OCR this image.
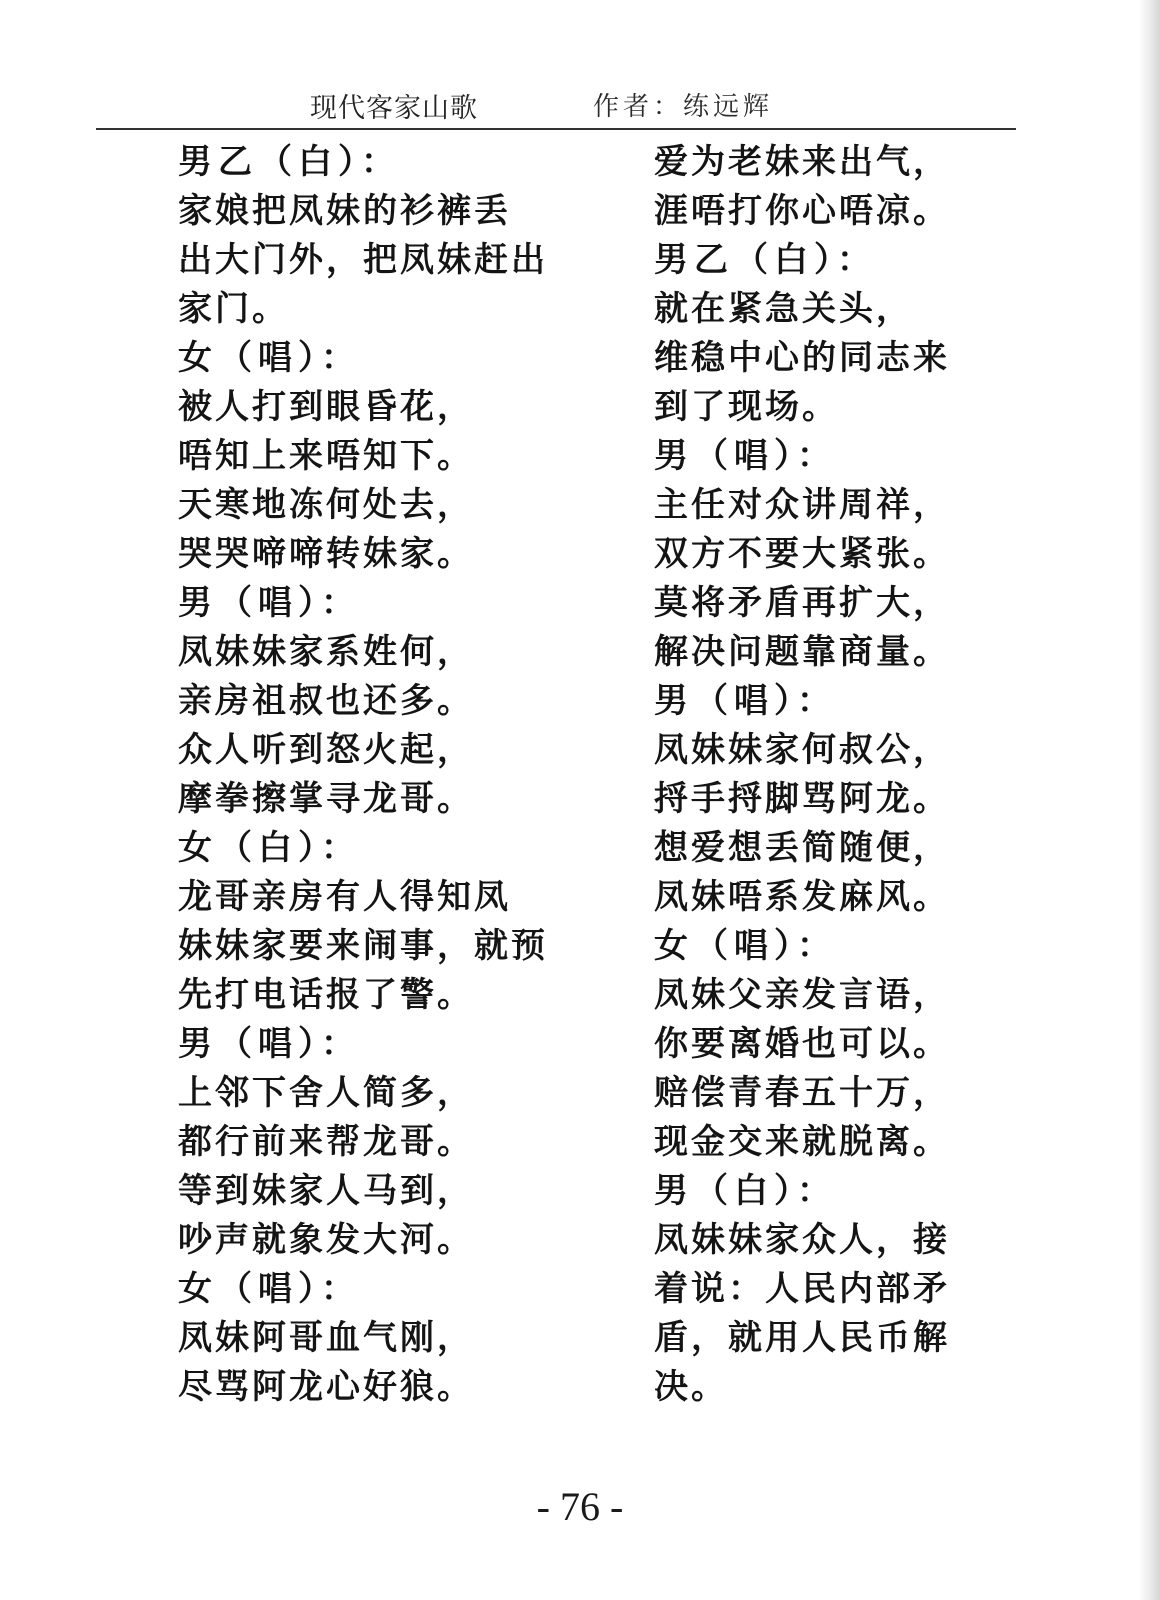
现代客家山歌	作者：练远辉
男乙（白）：
家娘把凤妹的衫裤丢
出大门外，把凤妹赶出
家门。
女（唱）：
被人打到眼昏花，
唔知上来唔知下。
天寒地冻何处去，
哭哭啼啼转妹家。
男（唱）：
凤妹妹家系姓何，
亲房祖叔也还多。
众人听到怒火起，
摩拳擦掌寻龙哥。
女（白）：
龙哥亲房有人得知凤
妹妹家要来闹事，就预
先打电话报了警。
男（唱）：
上邻下舍人简多，
都行前来帮龙哥。
等到妹家人马到，
吵声就象发大河。
女（唱）：
凤妹阿哥血气刚，
尽骂阿龙心好狼。
爱为老妹来出气，
涯唔打你心唔凉。
男乙（白）：
就在紧急关头，
维稳中心的同志来
到了现场。
男（唱）：
主任对众讲周祥，
双方不要大紧张。
莫将矛盾再扩大，
解决问题靠商量。
男（唱）：
凤妹妹家何叔公，
捋手捋脚骂阿龙。
想爱想丢简随便，
凤妹唔系发麻风。
女（唱）：
凤妹父亲发言语，
你要离婚也可以。
赔偿青春五十万，
现金交来就脱离。
男（白）：
凤妹妹家众人，接
着说：人民内部矛
盾，就用人民币解
决。
- 76 -
